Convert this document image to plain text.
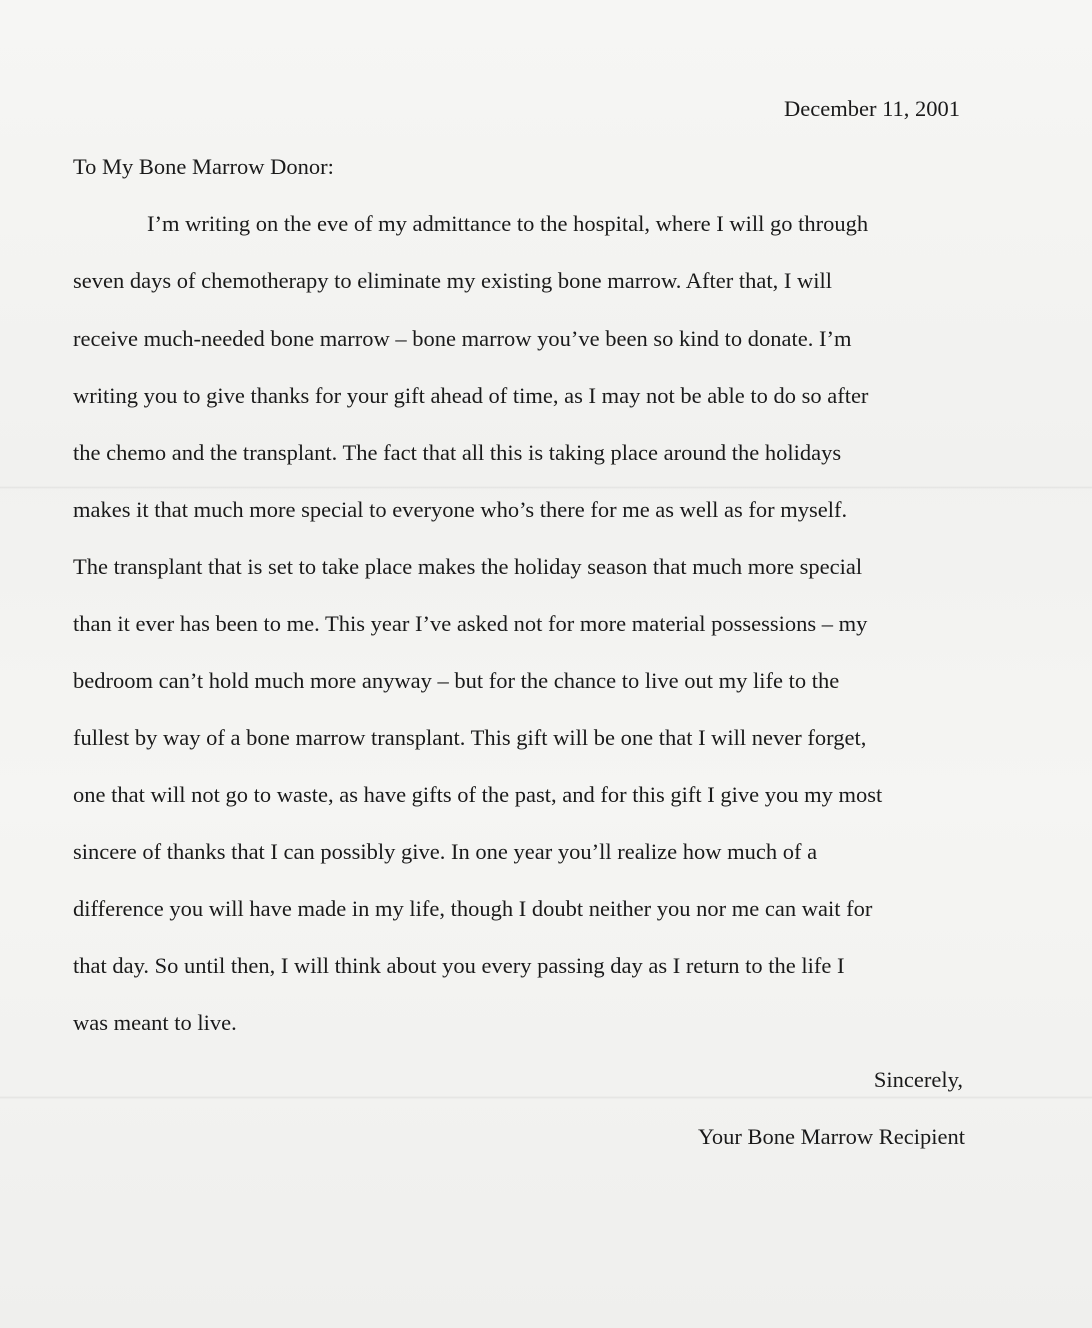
December 11, 2001
To My Bone Marrow Donor:
I’m writing on the eve of my admittance to the hospital, where I will go through
seven days of chemotherapy to eliminate my existing bone marrow. After that, I will
receive much-needed bone marrow – bone marrow you’ve been so kind to donate. I’m
writing you to give thanks for your gift ahead of time, as I may not be able to do so after
the chemo and the transplant. The fact that all this is taking place around the holidays
makes it that much more special to everyone who’s there for me as well as for myself.
The transplant that is set to take place makes the holiday season that much more special
than it ever has been to me. This year I’ve asked not for more material possessions – my
bedroom can’t hold much more anyway – but for the chance to live out my life to the
fullest by way of a bone marrow transplant. This gift will be one that I will never forget,
one that will not go to waste, as have gifts of the past, and for this gift I give you my most
sincere of thanks that I can possibly give. In one year you’ll realize how much of a
difference you will have made in my life, though I doubt neither you nor me can wait for
that day. So until then, I will think about you every passing day as I return to the life I
was meant to live.
Sincerely,
Your Bone Marrow Recipient
